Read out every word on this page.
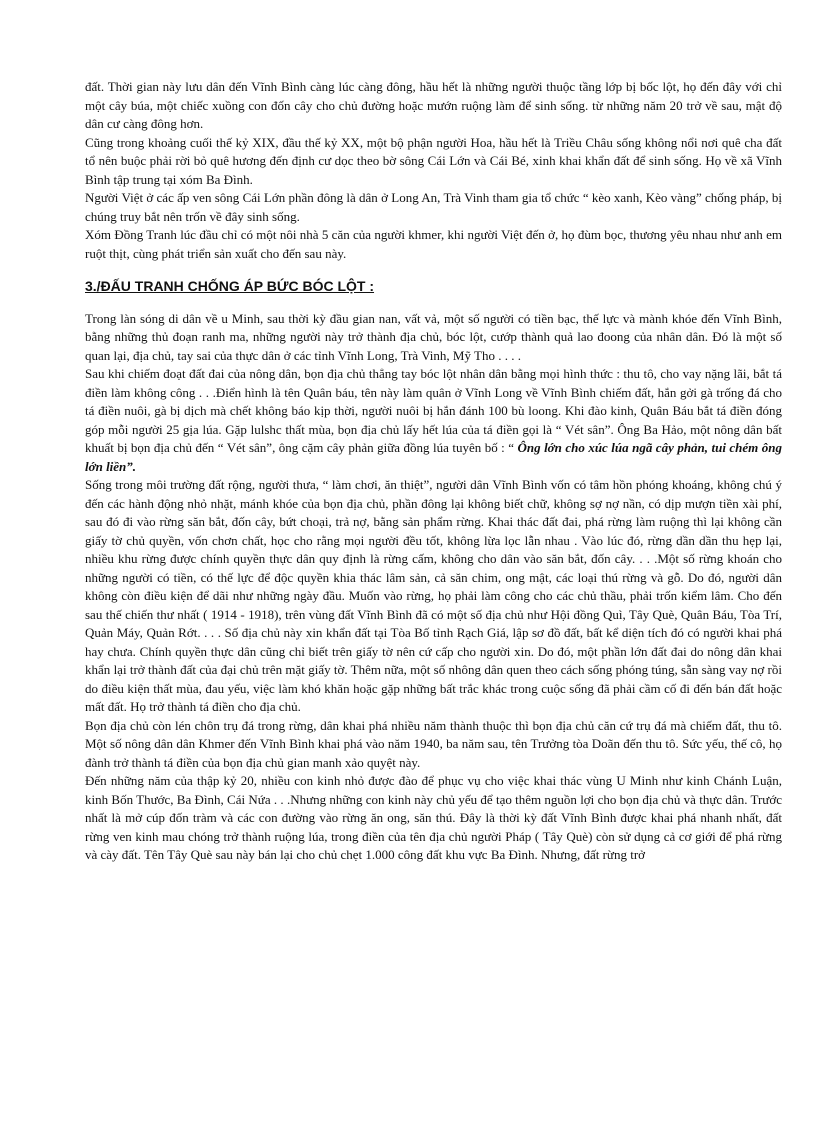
đất. Thời gian này lưu dân đến Vĩnh Bình càng lúc càng đông, hầu hết là những người thuộc tầng lớp bị bốc lột, họ đến đây với chỉ một cây búa, một chiếc xuồng con đốn cây cho chủ đường hoặc mướn ruộng làm để sinh sống. từ những năm 20 trở về sau, mật độ dân cư càng đông hơn.

Cũng trong khoảng cuối thế kỷ XIX, đầu thế kỷ XX, một bộ phận người Hoa, hầu hết là Triều Châu sống không nổi nơi quê cha đất tổ nên buộc phải rời bỏ quê hương đến định cư dọc theo bờ sông Cái Lớn và Cái Bé, xinh khai khẩn đất để sinh sống. Họ về xã Vĩnh Bình tập trung tại xóm Ba Đình.

Người Việt ở các ấp ven sông Cái Lớn phần đông là dân ở Long An, Trà Vinh tham gia tổ chức “ kèo xanh, Kèo vàng” chống pháp, bị chúng truy bắt nên trốn về đây sinh sống.

Xóm Đồng Tranh lúc đầu chỉ có một nôi nhà 5 căn của người khmer, khi người Việt đến ở, họ đùm bọc, thương yêu nhau như anh em ruột thịt, cùng phát triển sản xuất cho đến sau này.

3./ĐẤU TRANH CHỐNG ÁP BỨC BÓC LỘT :

Trong làn sóng di dân về u Minh, sau thời kỳ đầu gian nan, vất vả, một số người có tiền bạc, thế lực và mành khóe đến Vĩnh Bình, bằng những thủ đoạn ranh ma, những người này trở thành địa chủ, bóc lột, cướp thành quả lao đoong của nhân dân. Đó là một số quan lại, địa chủ, tay sai của thực dân ở các tỉnh Vĩnh Long, Trà Vinh, Mỹ Tho . . . .

Sau khi chiếm đoạt đất đai của nông dân, bọn địa chủ thẳng tay bóc lột nhân dân bằng mọi hình thức : thu tô, cho vay nặng lãi, bắt tá điền làm không công . . .Điển hình là tên Quân báu, tên này làm quân ở Vĩnh Long về Vĩnh Bình chiếm đất, hắn gởi gà trống đá cho tá điền nuôi, gà bị dịch mà chết không báo kịp thời, người nuôi bị hắn đánh 100 bù loong. Khi đào kinh, Quân Báu bắt tá điền đóng góp mỗi người 25 gịa lúa. Gặp lulshc thất mùa, bọn địa chủ lấy hết lúa của tá điền gọi là “ Vét sân”. Ông Ba Hảo, một nông dân bất khuất bị bọn địa chủ đến “ Vét sân”, ông cặm cây phản giữa đồng lúa tuyên bố : “ Ông lớn cho xúc lúa ngã cây phản, tui chém ông lớn liền”.

Sống trong môi trường đất rộng, người thưa, “ làm chơi, ăn thiệt”, người dân Vĩnh Bình vốn có tâm hồn phóng khoáng, không chú ý đến các hành động nhỏ nhặt, mánh khóe của bọn địa chủ, phần đông lại không biết chữ, không sợ nợ nần, có dịp mượn tiền xài phí, sau đó đi vào rừng săn bắt, đốn cây, bứt choại, trả nợ, bằng sản phẩm rừng. Khai thác đất đai, phá rừng làm ruộng thì lại không cần giấy tờ chủ quyền, vốn chơn chất, học cho rằng mọi người đều tốt, không lừa lọc lẫn nhau . Vào lúc đó, rừng dần dần thu hẹp lại, nhiều khu rừng được chính quyền thực dân quy định là rừng cấm, không cho dân vào săn bắt, đốn cây. . . .Một số rừng khoán cho những người có tiền, có thế lực để độc quyền khia thác lâm sản, cả săn chim, ong mật, các loại thú rừng và gỗ. Do đó, người dân không còn điều kiện để dãi như những ngày đầu. Muốn vào rừng, họ phải làm công cho các chủ thầu, phải trốn kiểm lâm. Cho đến sau thế chiến thư nhất ( 1914 - 1918), trên vùng đất Vĩnh Bình đã có một số địa chủ như Hội đồng Quì, Tây Què, Quân Báu, Tòa Trí, Quản Máy, Quản Rớt. . . . Số địa chủ này xin khẩn đất tại Tòa Bố tỉnh Rạch Giá, lập sơ đồ đất, bất kể diện tích đó có người khai phá hay chưa. Chính quyền thực dân cũng chỉ biết trên giấy tờ nên cứ cấp cho người xin. Do đó, một phần lớn đất đai do nông dân khai khẩn lại trở thành đất của đại chủ trên mặt giấy tờ. Thêm nữa, một số nhông dân quen theo cách sống phóng túng, sẵn sàng vay nợ rồi do điều kiện thất mùa, đau yếu, việc làm khó khăn hoặc gặp những bất trắc khác trong cuộc sống đã phải cầm cố đi đến bán đất hoặc mất đất. Họ trở thành tá điền cho địa chủ.

Bọn địa chủ còn lén chôn trụ đá trong rừng, dân khai phá nhiều năm thành thuộc thì bọn địa chủ căn cứ trụ đá mà chiếm đất, thu tô. Một số nông dân dân Khmer đến Vĩnh Bình khai phá vào năm 1940, ba năm sau, tên Trưởng tòa Doãn đến thu tô. Sức yếu, thế cô, họ đành trở thành tá điền của bọn địa chủ gian manh xảo quyệt này.

Đến những năm của thập kỷ 20, nhiều con kinh nhỏ được đào để phục vụ cho việc khai thác vùng U Minh như kinh Chánh Luận, kinh Bốn Thước, Ba Đình, Cái Nứa . . .Nhưng những con kinh này chủ yếu để tạo thêm nguồn lợi cho bọn địa chủ và thực dân. Trước nhất là mở cúp đốn tràm và các con đường vào rừng ăn ong, săn thú. Đây là thời kỳ đất Vĩnh Bình được khai phá nhanh nhất, đất rừng ven kinh mau chóng trở thành ruộng lúa, trong điền của tên địa chủ người Pháp ( Tây Què) còn sử dụng cả cơ giới để phá rừng và cày đất. Tên Tây Què sau này bán lại cho chủ chẹt 1.000 công đất khu vực Ba Đình. Nhưng, đất rừng trở
